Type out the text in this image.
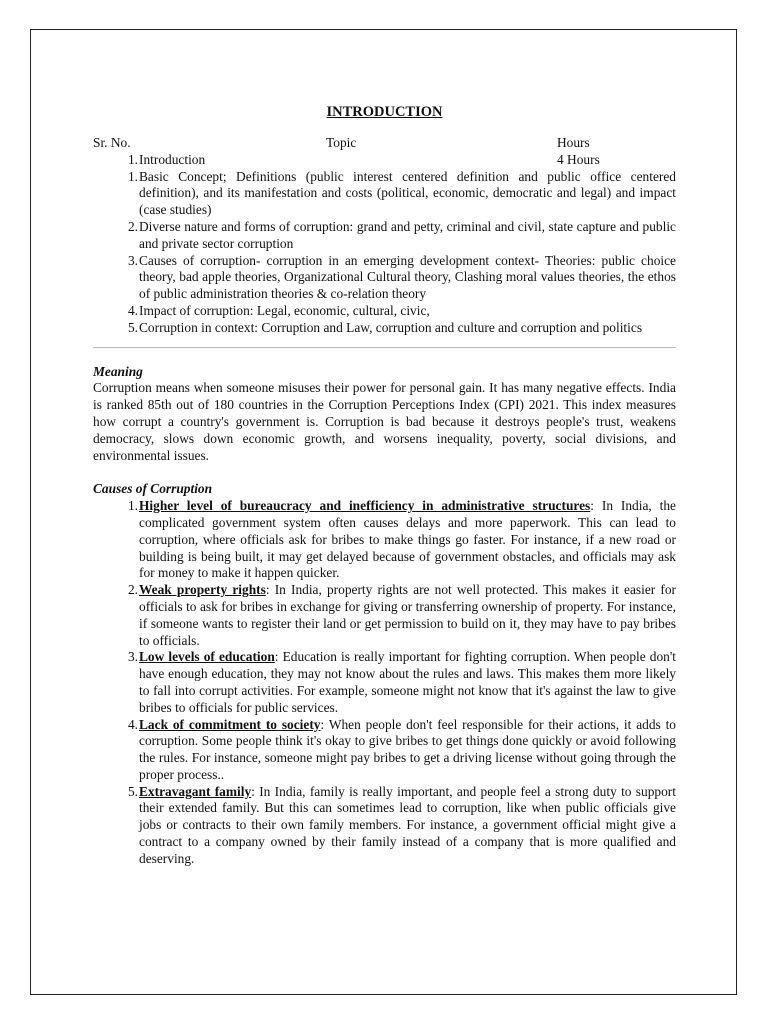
INTRODUCTION
Sr. No.	Topic	Hours
1. Introduction	4 Hours
1. Basic Concept; Definitions (public interest centered definition and public office centered definition), and its manifestation and costs (political, economic, democratic and legal) and impact (case studies)
2. Diverse nature and forms of corruption: grand and petty, criminal and civil, state capture and public and private sector corruption
3. Causes of corruption- corruption in an emerging development context- Theories: public choice theory, bad apple theories, Organizational Cultural theory, Clashing moral values theories, the ethos of public administration theories & co-relation theory
4. Impact of corruption: Legal, economic, cultural, civic,
5. Corruption in context: Corruption and Law, corruption and culture and corruption and politics
Meaning

Corruption means when someone misuses their power for personal gain. It has many negative effects. India is ranked 85th out of 180 countries in the Corruption Perceptions Index (CPI) 2021. This index measures how corrupt a country's government is. Corruption is bad because it destroys people's trust, weakens democracy, slows down economic growth, and worsens inequality, poverty, social divisions, and environmental issues.

Causes of Corruption
1. Higher level of bureaucracy and inefficiency in administrative structures: In India, the complicated government system often causes delays and more paperwork. This can lead to corruption, where officials ask for bribes to make things go faster. For instance, if a new road or building is being built, it may get delayed because of government obstacles, and officials may ask for money to make it happen quicker.
2. Weak property rights: In India, property rights are not well protected. This makes it easier for officials to ask for bribes in exchange for giving or transferring ownership of property. For instance, if someone wants to register their land or get permission to build on it, they may have to pay bribes to officials.
3. Low levels of education: Education is really important for fighting corruption. When people don't have enough education, they may not know about the rules and laws. This makes them more likely to fall into corrupt activities. For example, someone might not know that it's against the law to give bribes to officials for public services.
4. Lack of commitment to society: When people don't feel responsible for their actions, it adds to corruption. Some people think it's okay to give bribes to get things done quickly or avoid following the rules. For instance, someone might pay bribes to get a driving license without going through the proper process..
5. Extravagant family: In India, family is really important, and people feel a strong duty to support their extended family. But this can sometimes lead to corruption, like when public officials give jobs or contracts to their own family members. For instance, a government official might give a contract to a company owned by their family instead of a company that is more qualified and deserving.
